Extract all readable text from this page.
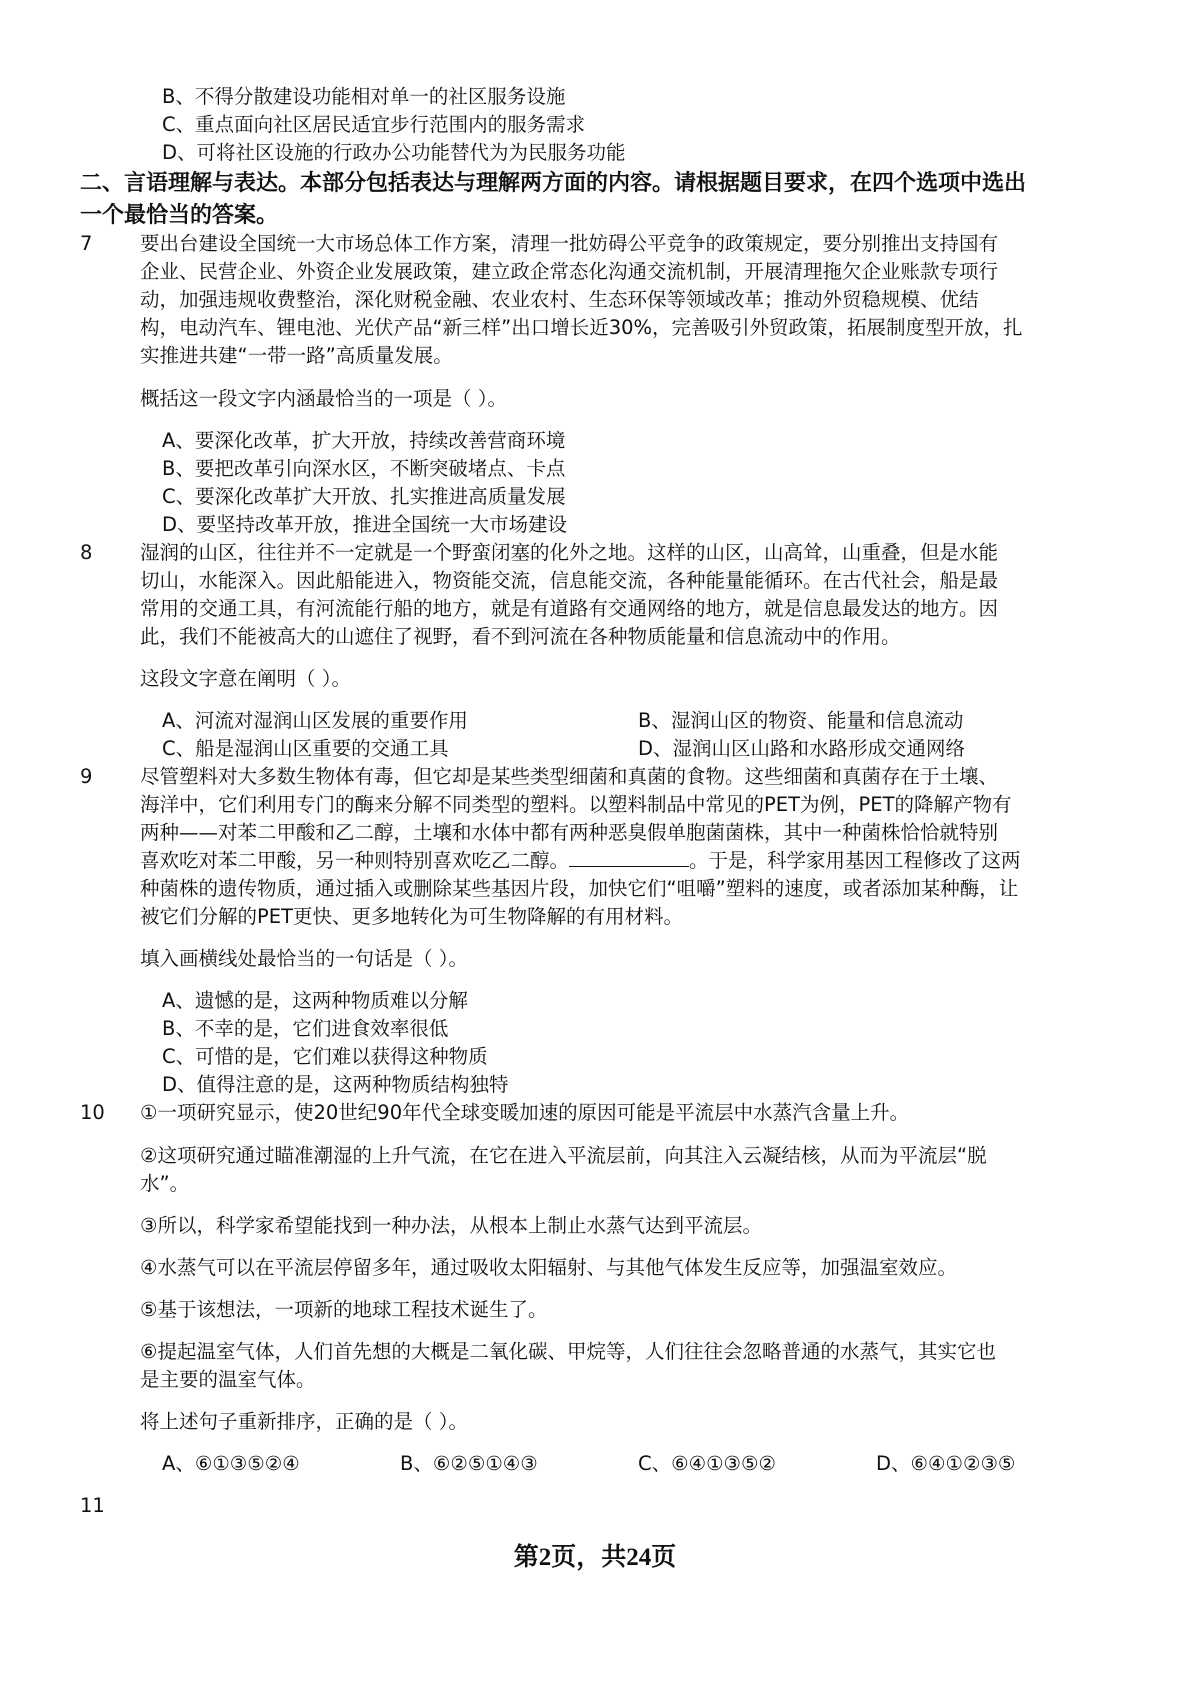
B、不得分散建设功能相对单一的社区服务设施
C、重点面向社区居民适宜步行范围内的服务需求
D、可将社区设施的行政办公功能替代为为民服务功能
二、言语理解与表达。本部分包括表达与理解两方面的内容。请根据题目要求，在四个选项中选出
一个最恰当的答案。
7 要出台建设全国统一大市场总体工作方案，清理一批妨碍公平竞争的政策规定，要分别推出支持国有
企业、民营企业、外资企业发展政策，建立政企常态化沟通交流机制，开展清理拖欠企业账款专项行
动，加强违规收费整治，深化财税金融、农业农村、生态环保等领域改革；推动外贸稳规模、优结
构，电动汽车、锂电池、光伏产品“新三样”出口增长近30%，完善吸引外贸政策，拓展制度型开放，扎
实推进共建“一带一路”高质量发展。
概括这一段文字内涵最恰当的一项是（ ）。
A、要深化改革，扩大开放，持续改善营商环境
B、要把改革引向深水区，不断突破堵点、卡点
C、要深化改革扩大开放、扎实推进高质量发展
D、要坚持改革开放，推进全国统一大市场建设
8 湿润的山区，往往并不一定就是一个野蛮闭塞的化外之地。这样的山区，山高耸，山重叠，但是水能
切山，水能深入。因此船能进入，物资能交流，信息能交流，各种能量能循环。在古代社会，船是最
常用的交通工具，有河流能行船的地方，就是有道路有交通网络的地方，就是信息最发达的地方。因
此，我们不能被高大的山遮住了视野，看不到河流在各种物质能量和信息流动中的作用。
这段文字意在阐明（ ）。
A、河流对湿润山区发展的重要作用	B、湿润山区的物资、能量和信息流动
C、船是湿润山区重要的交通工具	D、湿润山区山路和水路形成交通网络
9 尽管塑料对大多数生物体有毒，但它却是某些类型细菌和真菌的食物。这些细菌和真菌存在于土壤、
海洋中，它们利用专门的酶来分解不同类型的塑料。以塑料制品中常见的PET为例，PET的降解产物有
两种——对苯二甲酸和乙二醇，土壤和水体中都有两种恶臭假单胞菌菌株，其中一种菌株恰恰就特别
喜欢吃对苯二甲酸，另一种则特别喜欢吃乙二醇。	。于是，科学家用基因工程修改了这两
种菌株的遗传物质，通过插入或删除某些基因片段，加快它们“咀嚼”塑料的速度，或者添加某种酶，让
被它们分解的PET更快、更多地转化为可生物降解的有用材料。
填入画横线处最恰当的一句话是（ ）。
A、遗憾的是，这两种物质难以分解
B、不幸的是，它们进食效率很低
C、可惜的是，它们难以获得这种物质
D、值得注意的是，这两种物质结构独特
10 ①一项研究显示，使20世纪90年代全球变暖加速的原因可能是平流层中水蒸汽含量上升。
②这项研究通过瞄准潮湿的上升气流，在它在进入平流层前，向其注入云凝结核，从而为平流层“脱
水”。
③所以，科学家希望能找到一种办法，从根本上制止水蒸气达到平流层。
④水蒸气可以在平流层停留多年，通过吸收太阳辐射、与其他气体发生反应等，加强温室效应。
⑤基于该想法，一项新的地球工程技术诞生了。
⑥提起温室气体，人们首先想的大概是二氧化碳、甲烷等，人们往往会忽略普通的水蒸气，其实它也
是主要的温室气体。
将上述句子重新排序，正确的是（ ）。
A、⑥①③⑤②④	B、⑥②⑤①④③	C、⑥④①③⑤②	D、⑥④①②③⑤
11
第2页，共24页
